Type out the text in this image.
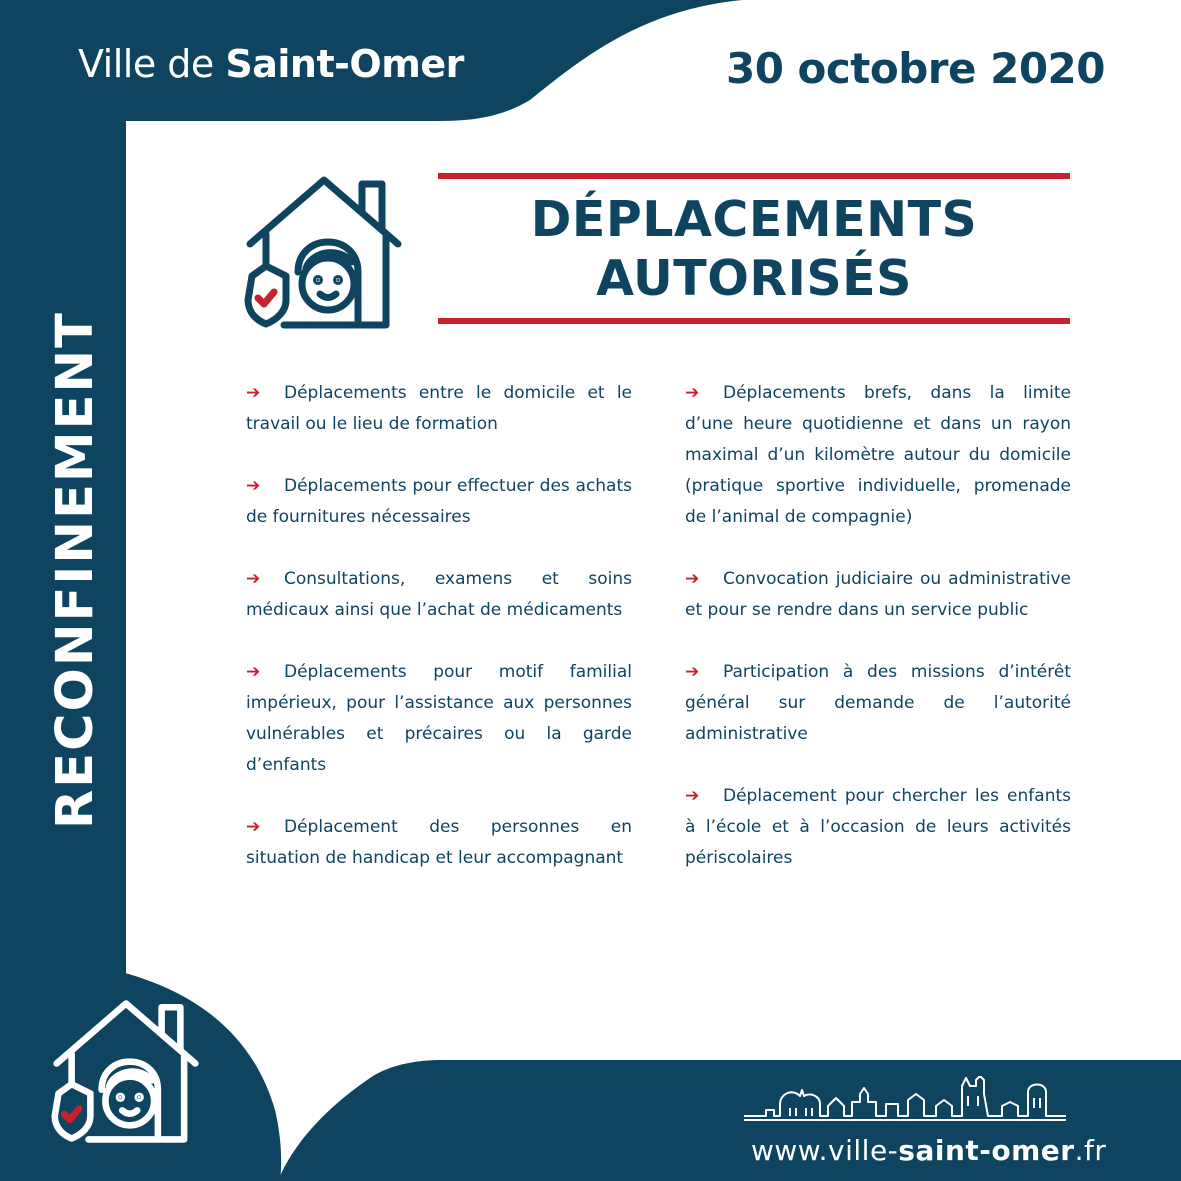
Ville de Saint-Omer	30 octobre 2020
RECONFINEMENT
DÉPLACEMENTS
AUTORISÉS
➔ Déplacements entre le domicile et le travail ou le lieu de formation
➔ Déplacements pour effectuer des achats de fournitures nécessaires
➔ Consultations, examens et soins médicaux ainsi que l’achat de médicaments
➔ Déplacements pour motif familial impérieux, pour l’assistance aux personnes vulnérables et précaires ou la garde d’enfants
➔ Déplacement des personnes en situation de handicap et leur accompagnant
➔ Déplacements brefs, dans la limite d’une heure quotidienne et dans un rayon maximal d’un kilomètre autour du domicile (pratique sportive individuelle, promenade de l’animal de compagnie)
➔ Convocation judiciaire ou administrative et pour se rendre dans un service public
➔ Participation à des missions d’intérêt général sur demande de l’autorité administrative
➔ Déplacement pour chercher les enfants à l’école et à l’occasion de leurs activités périscolaires
www.ville-saint-omer.fr
